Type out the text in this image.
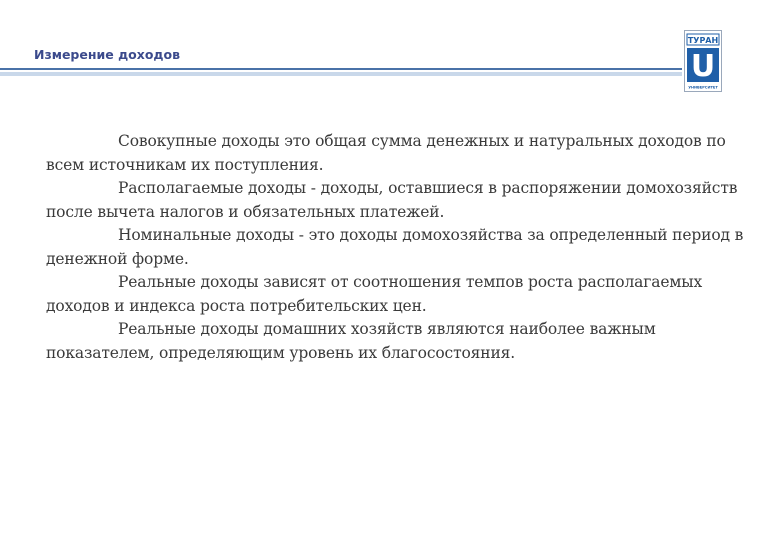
Измерение доходов
ТУРАН
U
УНИВЕРСИТЕТ

Совокупные доходы это общая сумма денежных и натуральных доходов по всем источникам их поступления.

Располагаемые доходы - доходы, оставшиеся в распоряжении домохозяйств после вычета налогов и обязательных платежей.

Номинальные доходы - это доходы домохозяйства за определенный период в денежной форме.

Реальные доходы зависят от соотношения темпов роста располагаемых доходов и индекса роста потребительских цен.

Реальные доходы домашних хозяйств являются наиболее важным показателем, определяющим уровень их благосостояния.
